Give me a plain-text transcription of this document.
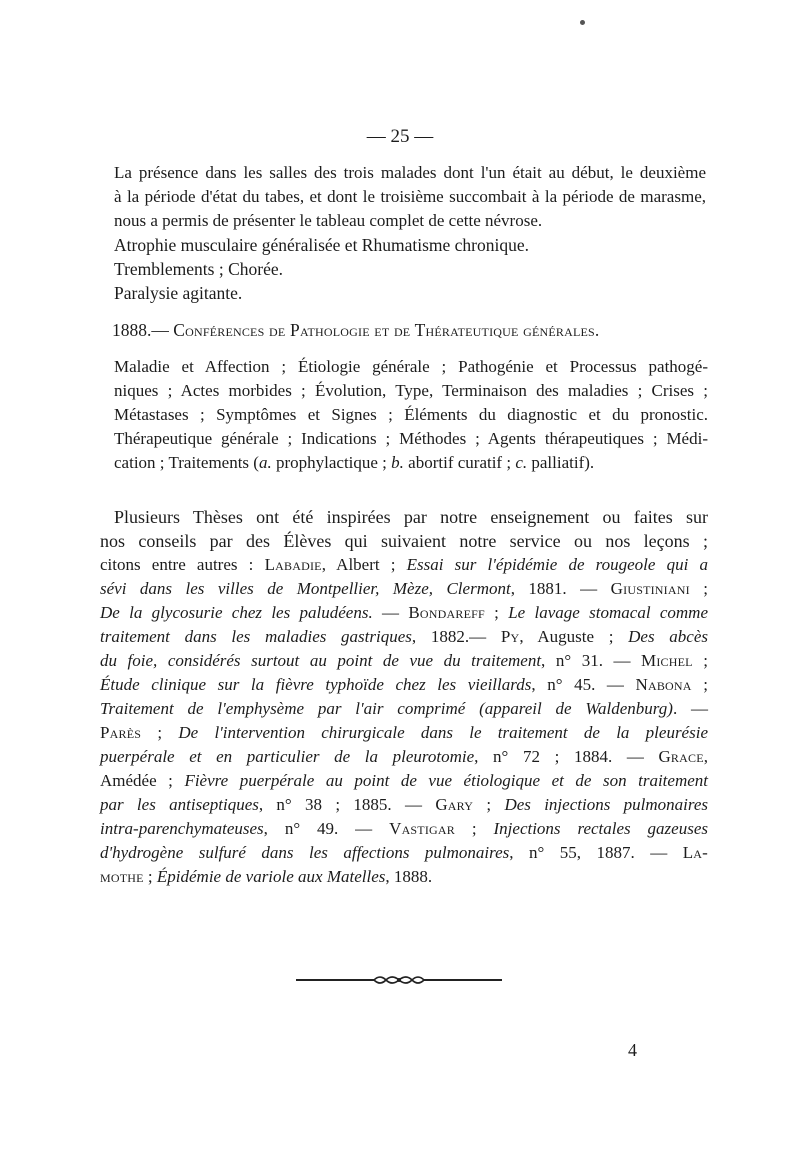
— 25 —
La présence dans les salles des trois malades dont l'un était au début, le deuxième
à la période d'état du tabes, et dont le troisième succombait à la période de marasme,
nous a permis de présenter le tableau complet de cette névrose.
Atrophie musculaire généralisée et Rhumatisme chronique.
Tremblements ; Chorée.
Paralysie agitante.
1888.— Conférences de Pathologie et de Thérateutique générales.
Maladie et Affection ; Étiologie générale ; Pathogénie et Processus pathogé-
niques ; Actes morbides ; Évolution, Type, Terminaison des maladies ; Crises ;
Métastases ; Symptômes et Signes ; Éléments du diagnostic et du pronostic.
Thérapeutique générale ; Indications ; Méthodes ; Agents thérapeutiques ; Médi-
cation ; Traitements (a. prophylactique ; b. abortif curatif ; c. palliatif).
Plusieurs Thèses ont été inspirées par notre enseignement ou faites sur
nos conseils par des Élèves qui suivaient notre service ou nos leçons ;
citons entre autres : Labadie, Albert ; Essai sur l'épidémie de rougeole qui a
sévi dans les villes de Montpellier, Mèze, Clermont, 1881. — Giustiniani ;
De la glycosurie chez les paludéens. — Bondareff ; Le lavage stomacal comme
traitement dans les maladies gastriques, 1882.— Py, Auguste ; Des abcès
du foie, considérés surtout au point de vue du traitement, n° 31. — Michel ;
Étude clinique sur la fièvre typhoïde chez les vieillards, n° 45. — Nabona ;
Traitement de l'emphysème par l'air comprimé (appareil de Waldenburg). —
Parès ; De l'intervention chirurgicale dans le traitement de la pleurésie
puerpérale et en particulier de la pleurotomie, n° 72 ; 1884. — Grace,
Amédée ; Fièvre puerpérale au point de vue étiologique et de son traitement
par les antiseptiques, n° 38 ; 1885. — Gary ; Des injections pulmonaires
intra-parenchymateuses, n° 49. — Vastigar ; Injections rectales gazeuses
d'hydrogène sulfuré dans les affections pulmonaires, n° 55, 1887. — La-
mothe ; Épidémie de variole aux Matelles, 1888.
4
